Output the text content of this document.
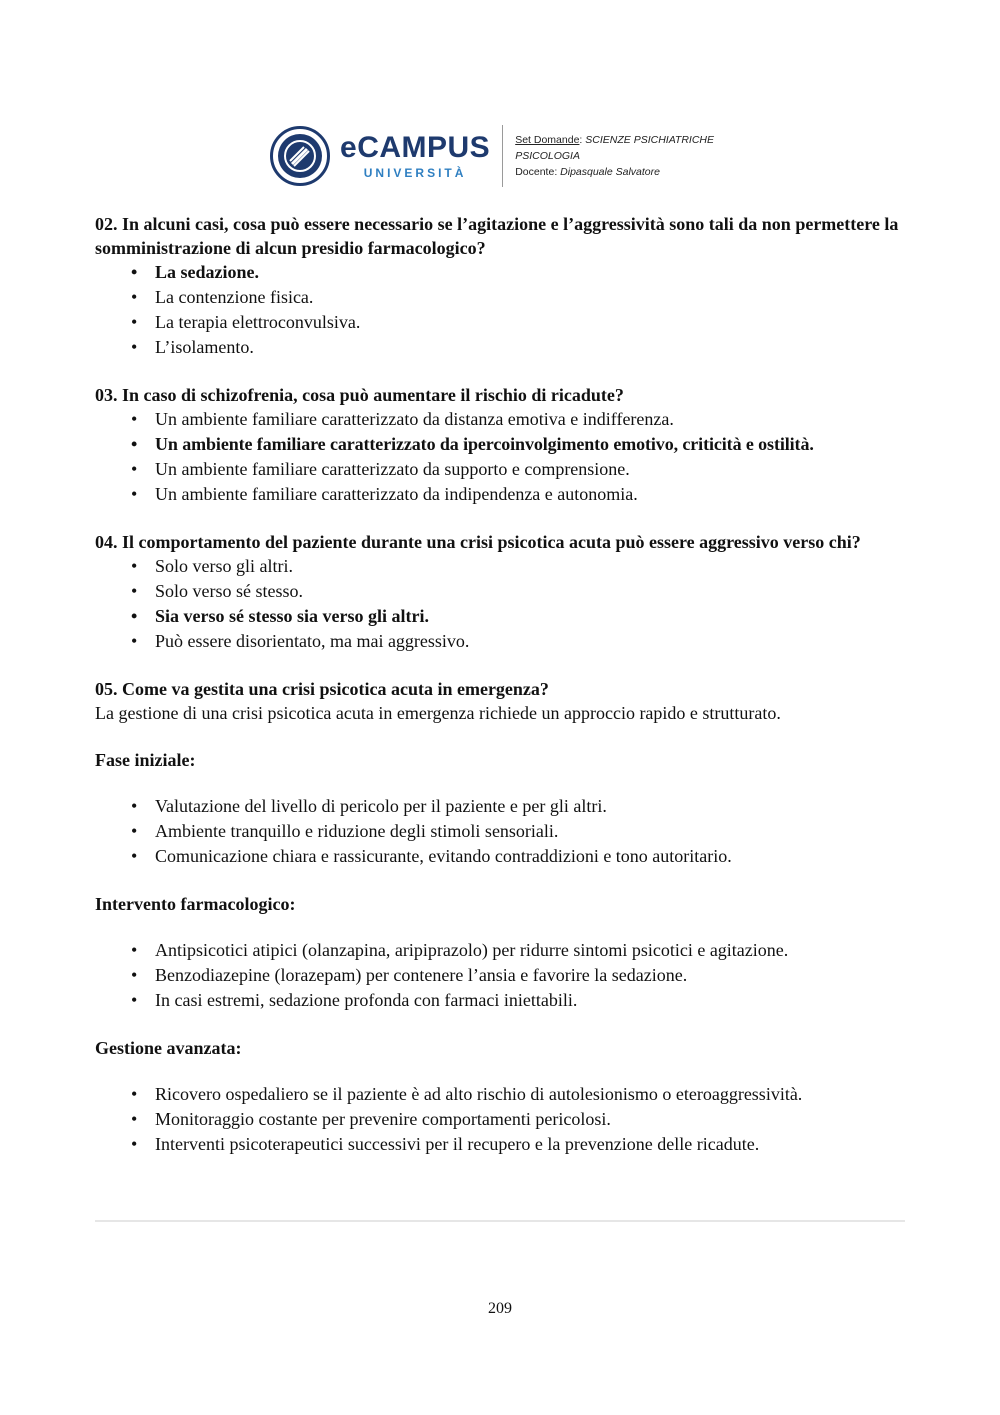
eCAMPUS
UNIVERSITÀ
Set Domande: SCIENZE PSICHIATRICHE
PSICOLOGIA
Docente: Dipasquale Salvatore

02. In alcuni casi, cosa può essere necessario se l’agitazione e l’aggressività sono tali da non permettere la somministrazione di alcun presidio farmacologico?

• La sedazione.
• La contenzione fisica.
• La terapia elettroconvulsiva.
• L’isolamento.

03. In caso di schizofrenia, cosa può aumentare il rischio di ricadute?

• Un ambiente familiare caratterizzato da distanza emotiva e indifferenza.
• Un ambiente familiare caratterizzato da ipercoinvolgimento emotivo, criticità e ostilità.
• Un ambiente familiare caratterizzato da supporto e comprensione.
• Un ambiente familiare caratterizzato da indipendenza e autonomia.

04. Il comportamento del paziente durante una crisi psicotica acuta può essere aggressivo verso chi?

• Solo verso gli altri.
• Solo verso sé stesso.
• Sia verso sé stesso sia verso gli altri.
• Può essere disorientato, ma mai aggressivo.

05. Come va gestita una crisi psicotica acuta in emergenza?

La gestione di una crisi psicotica acuta in emergenza richiede un approccio rapido e strutturato.

Fase iniziale:

• Valutazione del livello di pericolo per il paziente e per gli altri.
• Ambiente tranquillo e riduzione degli stimoli sensoriali.
• Comunicazione chiara e rassicurante, evitando contraddizioni e tono autoritario.

Intervento farmacologico:

• Antipsicotici atipici (olanzapina, aripiprazolo) per ridurre sintomi psicotici e agitazione.
• Benzodiazepine (lorazepam) per contenere l’ansia e favorire la sedazione.
• In casi estremi, sedazione profonda con farmaci iniettabili.

Gestione avanzata:

• Ricovero ospedaliero se il paziente è ad alto rischio di autolesionismo o eteroaggressività.
• Monitoraggio costante per prevenire comportamenti pericolosi.
• Interventi psicoterapeutici successivi per il recupero e la prevenzione delle ricadute.
209
